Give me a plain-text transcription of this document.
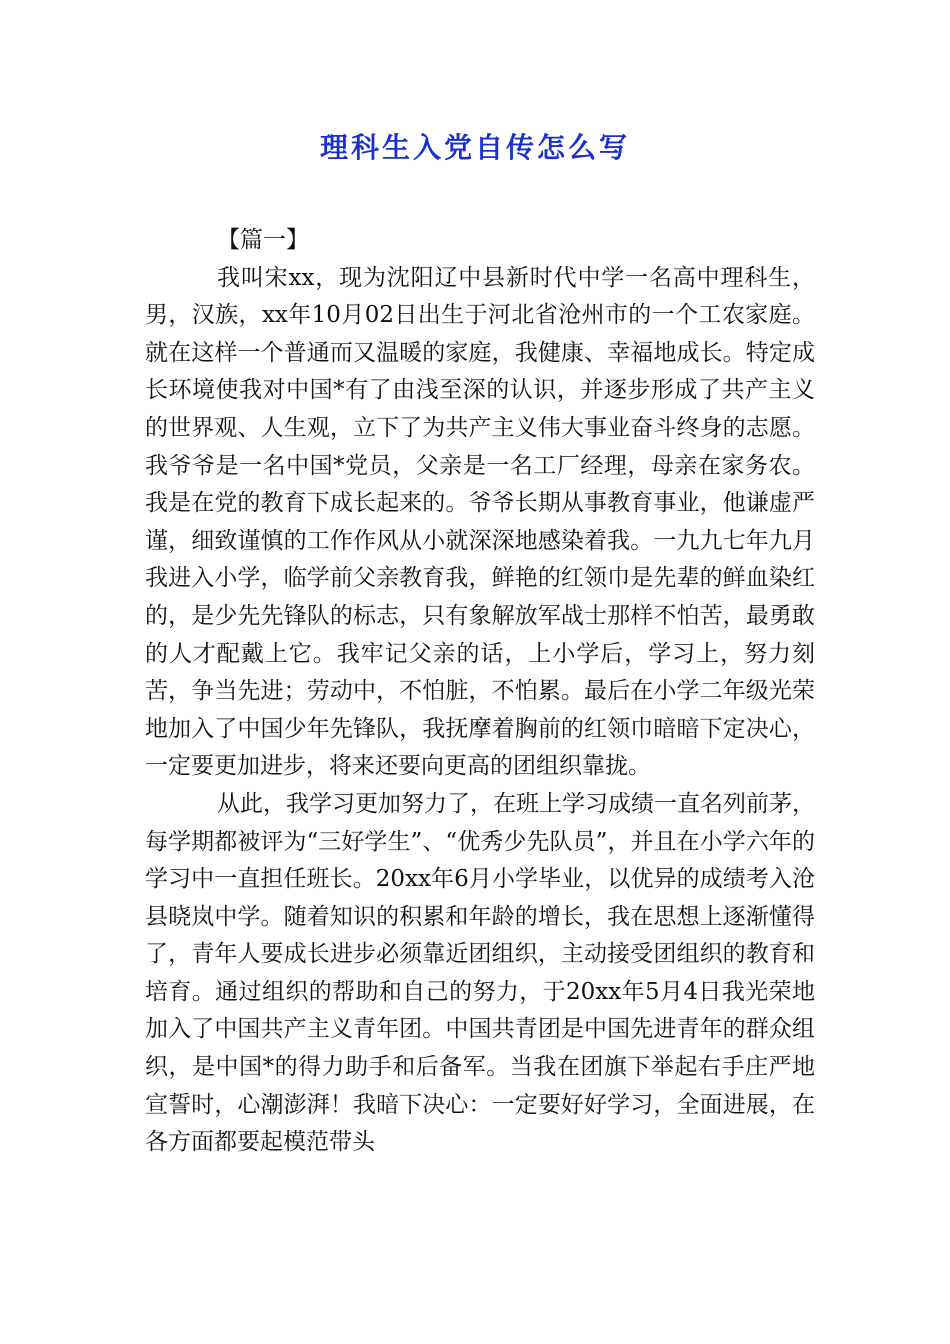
理科生入党自传怎么写

【篇一】

我叫宋xx，现为沈阳辽中县新时代中学一名高中理科生，男，汉族，xx年10月02日出生于河北省沧州市的一个工农家庭。就在这样一个普通而又温暖的家庭，我健康、幸福地成长。特定成长环境使我对中国*有了由浅至深的认识，并逐步形成了共产主义的世界观、人生观，立下了为共产主义伟大事业奋斗终身的志愿。我爷爷是一名中国*党员，父亲是一名工厂经理，母亲在家务农。我是在党的教育下成长起来的。爷爷长期从事教育事业，他谦虚严谨，细致谨慎的工作作风从小就深深地感染着我。一九九七年九月我进入小学，临学前父亲教育我，鲜艳的红领巾是先辈的鲜血染红的，是少先先锋队的标志，只有象解放军战士那样不怕苦，最勇敢的人才配戴上它。我牢记父亲的话，上小学后，学习上，努力刻苦，争当先进；劳动中，不怕脏，不怕累。最后在小学二年级光荣地加入了中国少年先锋队，我抚摩着胸前的红领巾暗暗下定决心，一定要更加进步，将来还要向更高的团组织靠拢。

从此，我学习更加努力了，在班上学习成绩一直名列前茅，每学期都被评为“三好学生”、“优秀少先队员”，并且在小学六年的学习中一直担任班长。20xx年6月小学毕业，以优异的成绩考入沧县晓岚中学。随着知识的积累和年龄的增长，我在思想上逐渐懂得了，青年人要成长进步必须靠近团组织，主动接受团组织的教育和培育。通过组织的帮助和自己的努力，于20xx年5月4日我光荣地加入了中国共产主义青年团。中国共青团是中国先进青年的群众组织，是中国*的得力助手和后备军。当我在团旗下举起右手庄严地宣誓时，心潮澎湃！我暗下决心：一定要好好学习，全面进展，在各方面都要起模范带头
